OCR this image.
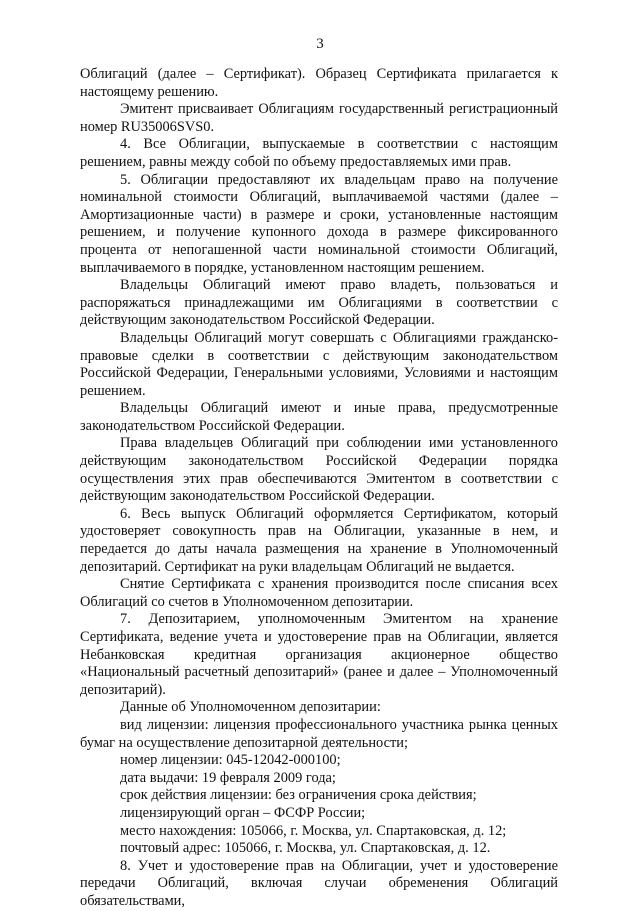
3

Облигаций (далее – Сертификат). Образец Сертификата прилагается к настоящему решению.

Эмитент присваивает Облигациям государственный регистрационный номер RU35006SVS0.

4. Все Облигации, выпускаемые в соответствии с настоящим решением, равны между собой по объему предоставляемых ими прав.

5. Облигации предоставляют их владельцам право на получение номинальной стоимости Облигаций, выплачиваемой частями (далее – Амортизационные части) в размере и сроки, установленные настоящим решением, и получение купонного дохода в размере фиксированного процента от непогашенной части номинальной стоимости Облигаций, выплачиваемого в порядке, установленном настоящим решением.

Владельцы Облигаций имеют право владеть, пользоваться и распоряжаться принадлежащими им Облигациями в соответствии с действующим законодательством Российской Федерации.

Владельцы Облигаций могут совершать с Облигациями гражданско-правовые сделки в соответствии с действующим законодательством Российской Федерации, Генеральными условиями, Условиями и настоящим решением.

Владельцы Облигаций имеют и иные права, предусмотренные законодательством Российской Федерации.

Права владельцев Облигаций при соблюдении ими установленного действующим законодательством Российской Федерации порядка осуществления этих прав обеспечиваются Эмитентом в соответствии с действующим законодательством Российской Федерации.

6. Весь выпуск Облигаций оформляется Сертификатом, который удостоверяет совокупность прав на Облигации, указанные в нем, и передается до даты начала размещения на хранение в Уполномоченный депозитарий. Сертификат на руки владельцам Облигаций не выдается.

Снятие Сертификата с хранения производится после списания всех Облигаций со счетов в Уполномоченном депозитарии.

7. Депозитарием, уполномоченным Эмитентом на хранение Сертификата, ведение учета и удостоверение прав на Облигации, является Небанковская кредитная организация акционерное общество «Национальный расчетный депозитарий» (ранее и далее – Уполномоченный депозитарий).

Данные об Уполномоченном депозитарии:

вид лицензии: лицензия профессионального участника рынка ценных бумаг на осуществление депозитарной деятельности;

номер лицензии: 045-12042-000100;

дата выдачи: 19 февраля 2009 года;

срок действия лицензии: без ограничения срока действия;

лицензирующий орган – ФСФР России;

место нахождения: 105066, г. Москва, ул. Спартаковская, д. 12;

почтовый адрес: 105066, г. Москва, ул. Спартаковская, д. 12.

8. Учет и удостоверение прав на Облигации, учет и удостоверение передачи Облигаций, включая случаи обременения Облигаций обязательствами,
